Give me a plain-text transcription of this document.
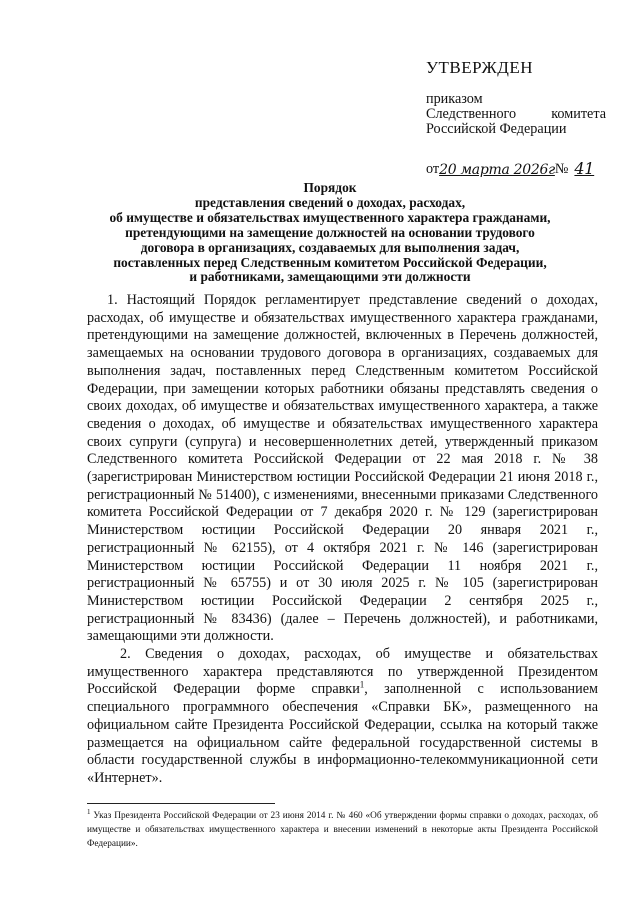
УТВЕРЖДЕН
приказом
Следственного комитета
Российской Федерации
от 20 марта 2026г № 41
Порядок
представления сведений о доходах, расходах,
об имуществе и обязательствах имущественного характера гражданами,
претендующими на замещение должностей на основании трудового
договора в организациях, создаваемых для выполнения задач,
поставленных перед Следственным комитетом Российской Федерации,
и работниками, замещающими эти должности

1. Настоящий Порядок регламентирует представление сведений о доходах, расходах, об имуществе и обязательствах имущественного характера гражданами, претендующими на замещение должностей, включенных в Перечень должностей, замещаемых на основании трудового договора в организациях, создаваемых для выполнения задач, поставленных перед Следственным комитетом Российской Федерации, при замещении которых работники обязаны представлять сведения о своих доходах, об имуществе и обязательствах имущественного характера, а также сведения о доходах, об имуществе и обязательствах имущественного характера своих супруги (супруга) и несовершеннолетних детей, утвержденный приказом Следственного комитета Российской Федерации от 22 мая 2018 г. № 38 (зарегистрирован Министерством юстиции Российской Федерации 21 июня 2018 г., регистрационный № 51400), с изменениями, внесенными приказами Следственного комитета Российской Федерации от 7 декабря 2020 г. № 129 (зарегистрирован Министерством юстиции Российской Федерации 20 января 2021 г., регистрационный № 62155), от 4 октября 2021 г. № 146 (зарегистрирован Министерством юстиции Российской Федерации 11 ноября 2021 г., регистрационный № 65755) и от 30 июля 2025 г. № 105 (зарегистрирован Министерством юстиции Российской Федерации 2 сентября 2025 г., регистрационный № 83436) (далее – Перечень должностей), и работниками, замещающими эти должности.

2. Сведения о доходах, расходах, об имуществе и обязательствах имущественного характера представляются по утвержденной Президентом Российской Федерации форме справки$^1$, заполненной с использованием специального программного обеспечения «Справки БК», размещенного на официальном сайте Президента Российской Федерации, ссылка на который также размещается на официальном сайте федеральной государственной системы в области государственной службы в информационно-телекоммуникационной сети «Интернет».

$^1$ Указ Президента Российской Федерации от 23 июня 2014 г. № 460 «Об утверждении формы справки о доходах, расходах, об имуществе и обязательствах имущественного характера и внесении изменений в некоторые акты Президента Российской Федерации».
